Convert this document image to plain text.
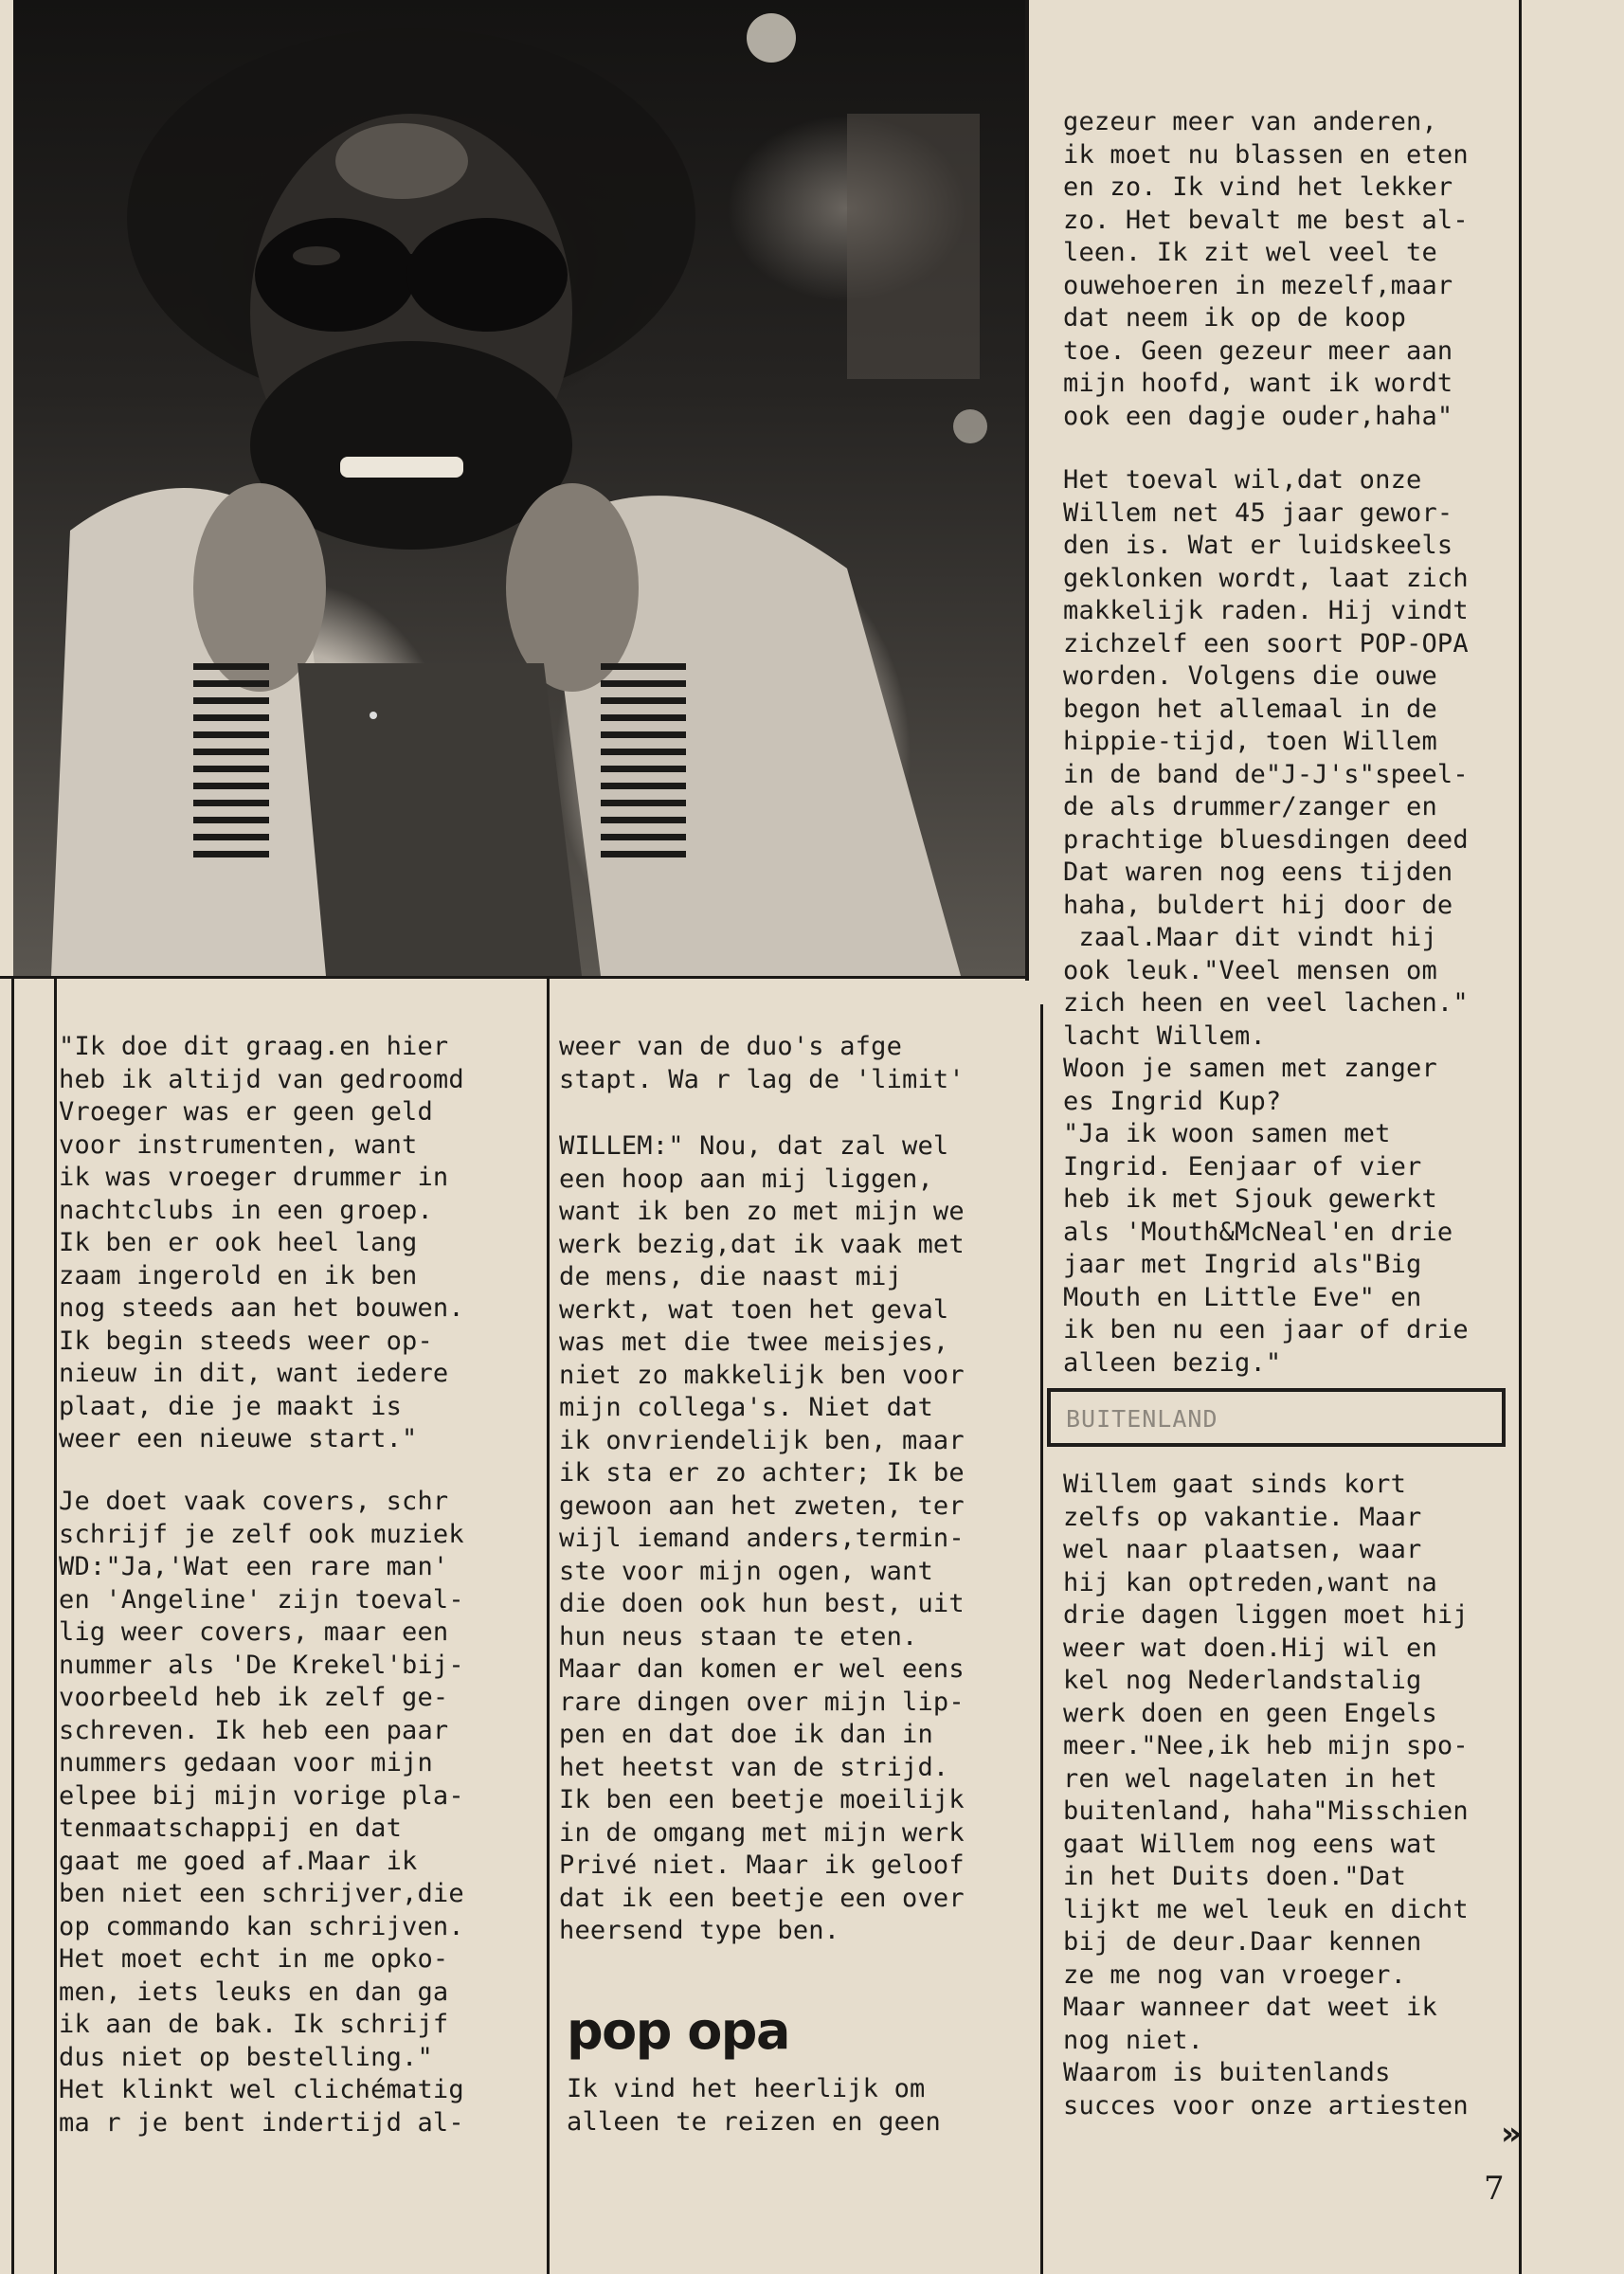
"Ik doe dit graag.en hier
heb ik altijd van gedroomd
Vroeger was er geen geld
voor instrumenten, want
ik was vroeger drummer in
nachtclubs in een groep.
Ik ben er ook heel lang
zaam ingerold en ik ben
nog steeds aan het bouwen.
Ik begin steeds weer op-
nieuw in dit, want iedere
plaat, die je maakt is
weer een nieuwe start."
Je doet vaak covers, schr
schrijf je zelf ook muziek
WD:"Ja,'Wat een rare man'
en 'Angeline' zijn toeval-
lig weer covers, maar een
nummer als 'De Krekel'bij-
voorbeeld heb ik zelf ge-
schreven. Ik heb een paar
nummers gedaan voor mijn
elpee bij mijn vorige pla-
tenmaatschappij en dat
gaat me goed af.Maar ik
ben niet een schrijver,die
op commando kan schrijven.
Het moet echt in me opko-
men, iets leuks en dan ga
ik aan de bak. Ik schrijf
dus niet op bestelling."
Het klinkt wel clichématig
ma r je bent indertijd al-
weer van de duo's afge
stapt. Wa r lag de 'limit'
WILLEM:" Nou, dat zal wel
een hoop aan mij liggen,
want ik ben zo met mijn we
werk bezig,dat ik vaak met
de mens, die naast mij
werkt, wat toen het geval
was met die twee meisjes,
niet zo makkelijk ben voor
mijn collega's. Niet dat
ik onvriendelijk ben, maar
ik sta er zo achter; Ik be
gewoon aan het zweten, ter
wijl iemand anders,termin-
ste voor mijn ogen, want
die doen ook hun best, uit
hun neus staan te eten.
Maar dan komen er wel eens
rare dingen over mijn lip-
pen en dat doe ik dan in
het heetst van de strijd.
Ik ben een beetje moeilijk
in de omgang met mijn werk
Privé niet. Maar ik geloof
dat ik een beetje een over
heersend type ben.
pop opa
Ik vind het heerlijk om
alleen te reizen en geen
gezeur meer van anderen,
ik moet nu blassen en eten
en zo. Ik vind het lekker
zo. Het bevalt me best al-
leen. Ik zit wel veel te
ouwehoeren in mezelf,maar
dat neem ik op de koop
toe. Geen gezeur meer aan
mijn hoofd, want ik wordt
ook een dagje ouder,haha"
Het toeval wil,dat onze
Willem net 45 jaar gewor-
den is. Wat er luidskeels
geklonken wordt, laat zich
makkelijk raden. Hij vindt
zichzelf een soort POP-OPA
worden. Volgens die ouwe
begon het allemaal in de
hippie-tijd, toen Willem
in de band de"J-J's"speel-
de als drummer/zanger en
prachtige bluesdingen deed
Dat waren nog eens tijden
haha, buldert hij door de
zaal.Maar dit vindt hij
ook leuk."Veel mensen om
zich heen en veel lachen."
lacht Willem.
Woon je samen met zanger
es Ingrid Kup?
"Ja ik woon samen met
Ingrid. Eenjaar of vier
heb ik met Sjouk gewerkt
als 'Mouth&McNeal'en drie
jaar met Ingrid als"Big
Mouth en Little Eve" en
ik ben nu een jaar of drie
alleen bezig."
BUITENLAND
Willem gaat sinds kort
zelfs op vakantie. Maar
wel naar plaatsen, waar
hij kan optreden,want na
drie dagen liggen moet hij
weer wat doen.Hij wil en
kel nog Nederlandstalig
werk doen en geen Engels
meer."Nee,ik heb mijn spo-
ren wel nagelaten in het
buitenland, haha"Misschien
gaat Willem nog eens wat
in het Duits doen."Dat
lijkt me wel leuk en dicht
bij de deur.Daar kennen
ze me nog van vroeger.
Maar wanneer dat weet ik
nog niet.
Waarom is buitenlands
succes voor onze artiesten
»
7
